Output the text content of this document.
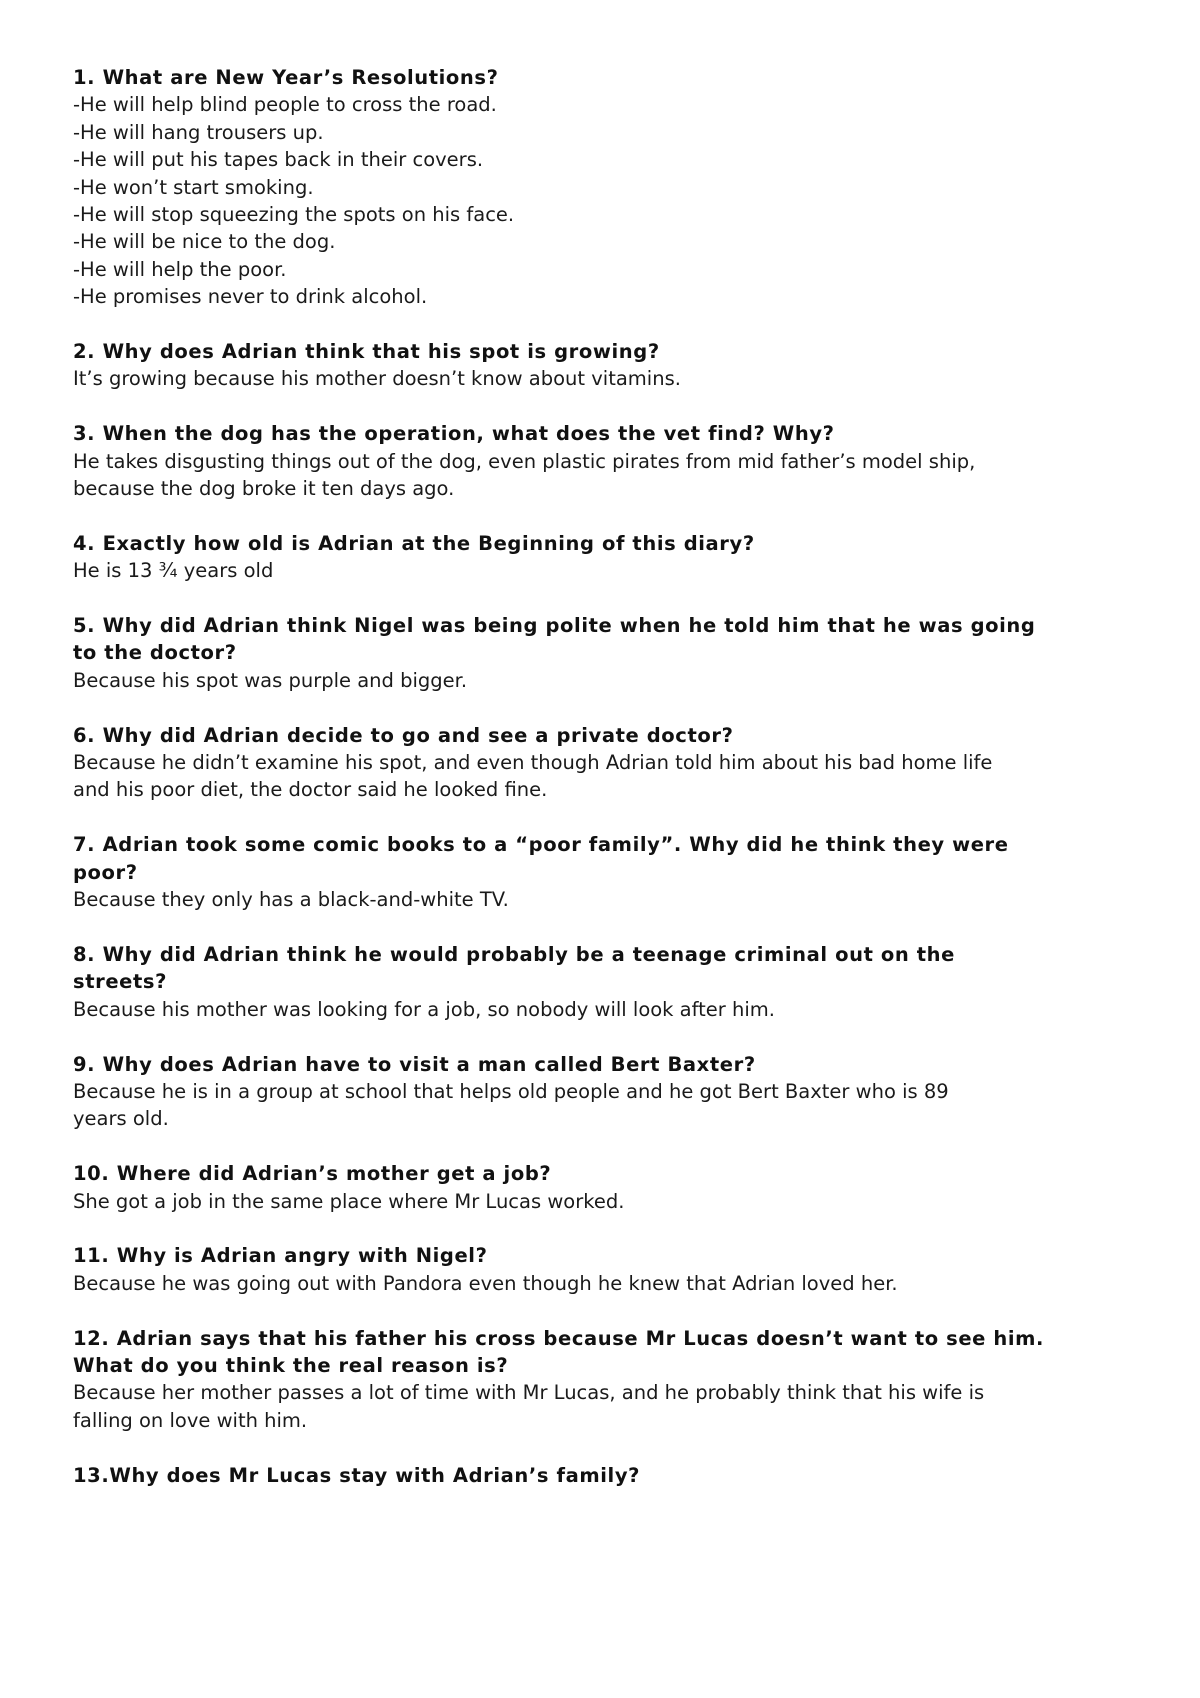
1. What are New Year’s Resolutions?
-He will help blind people to cross the road.
-He will hang trousers up.
-He will put his tapes back in their covers.
-He won’t start smoking.
-He will stop squeezing the spots on his face.
-He will be nice to the dog.
-He will help the poor.
-He promises never to drink alcohol.
2. Why does Adrian think that his spot is growing?
It’s growing because his mother doesn’t know about vitamins.
3. When the dog has the operation, what does the vet find? Why?
He takes disgusting things out of the dog, even plastic pirates from mid father’s model ship,
because the dog broke it ten days ago.
4. Exactly how old is Adrian at the Beginning of this diary?
He is 13 ¾ years old
5. Why did Adrian think Nigel was being polite when he told him that he was going
to the doctor?
Because his spot was purple and bigger.
6. Why did Adrian decide to go and see a private doctor?
Because he didn’t examine his spot, and even though Adrian told him about his bad home life
and his poor diet, the doctor said he looked fine.
7. Adrian took some comic books to a “poor family”. Why did he think they were
poor?
Because they only has a black-and-white TV.
8. Why did Adrian think he would probably be a teenage criminal out on the
streets?
Because his mother was looking for a job, so nobody will look after him.
9. Why does Adrian have to visit a man called Bert Baxter?
Because he is in a group at school that helps old people and he got Bert Baxter who is 89
years old.
10. Where did Adrian’s mother get a job?
She got a job in the same place where Mr Lucas worked.
11. Why is Adrian angry with Nigel?
Because he was going out with Pandora even though he knew that Adrian loved her.
12. Adrian says that his father his cross because Mr Lucas doesn’t want to see him.
What do you think the real reason is?
Because her mother passes a lot of time with Mr Lucas, and he probably think that his wife is
falling on love with him.
13.Why does Mr Lucas stay with Adrian’s family?
